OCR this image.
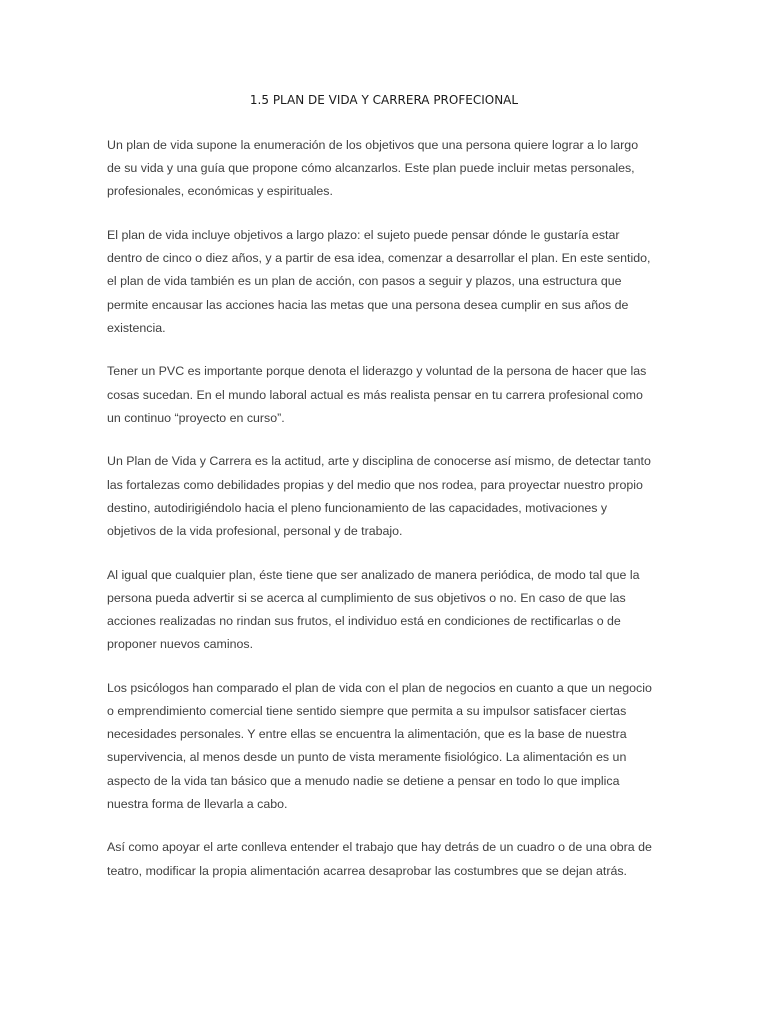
1.5 PLAN DE VIDA Y CARRERA PROFECIONAL

Un plan de vida supone la enumeración de los objetivos que una persona quiere lograr a lo largo
de su vida y una guía que propone cómo alcanzarlos. Este plan puede incluir metas personales,
profesionales, económicas y espirituales.

El plan de vida incluye objetivos a largo plazo: el sujeto puede pensar dónde le gustaría estar
dentro de cinco o diez años, y a partir de esa idea, comenzar a desarrollar el plan. En este sentido,
el plan de vida también es un plan de acción, con pasos a seguir y plazos, una estructura que
permite encausar las acciones hacia las metas que una persona desea cumplir en sus años de
existencia.

Tener un PVC es importante porque denota el liderazgo y voluntad de la persona de hacer que las
cosas sucedan. En el mundo laboral actual es más realista pensar en tu carrera profesional como
un continuo “proyecto en curso”.

Un Plan de Vida y Carrera es la actitud, arte y disciplina de conocerse así mismo, de detectar tanto
las fortalezas como debilidades propias y del medio que nos rodea, para proyectar nuestro propio
destino, autodirigiéndolo hacia el pleno funcionamiento de las capacidades, motivaciones y
objetivos de la vida profesional, personal y de trabajo.

Al igual que cualquier plan, éste tiene que ser analizado de manera periódica, de modo tal que la
persona pueda advertir si se acerca al cumplimiento de sus objetivos o no. En caso de que las
acciones realizadas no rindan sus frutos, el individuo está en condiciones de rectificarlas o de
proponer nuevos caminos.

Los psicólogos han comparado el plan de vida con el plan de negocios en cuanto a que un negocio
o emprendimiento comercial tiene sentido siempre que permita a su impulsor satisfacer ciertas
necesidades personales. Y entre ellas se encuentra la alimentación, que es la base de nuestra
supervivencia, al menos desde un punto de vista meramente fisiológico. La alimentación es un
aspecto de la vida tan básico que a menudo nadie se detiene a pensar en todo lo que implica
nuestra forma de llevarla a cabo.

Así como apoyar el arte conlleva entender el trabajo que hay detrás de un cuadro o de una obra de
teatro, modificar la propia alimentación acarrea desaprobar las costumbres que se dejan atrás.
